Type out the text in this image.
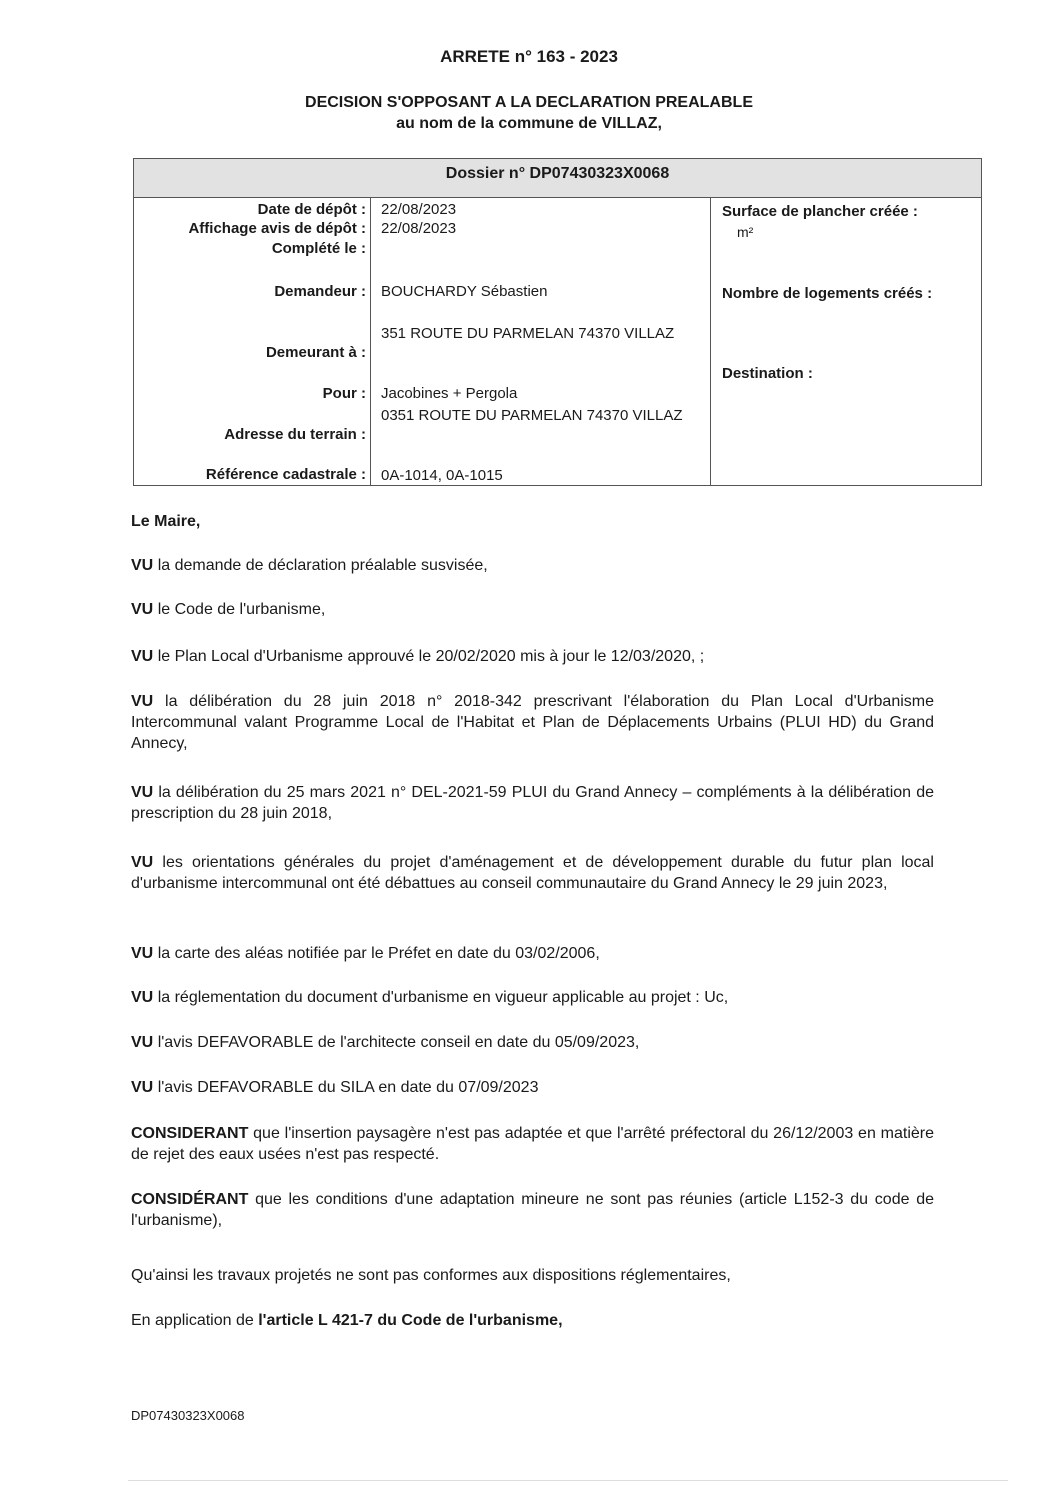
ARRETE n° 163 - 2023
DECISION S'OPPOSANT A LA DECLARATION PREALABLE
au nom de la commune de VILLAZ,
Dossier n° DP07430323X0068
Date de dépôt :
Affichage avis de dépôt :
Complété le :
Demandeur :
Demeurant à :
Pour :
Adresse du terrain :
Référence cadastrale :
22/08/2023
22/08/2023
BOUCHARDY Sébastien
351 ROUTE DU PARMELAN 74370 VILLAZ
Jacobines + Pergola
0351 ROUTE DU PARMELAN 74370 VILLAZ
0A-1014, 0A-1015
Surface de plancher créée :
m²
Nombre de logements créés :
Destination :
Le Maire,
VU la demande de déclaration préalable susvisée,
VU le Code de l'urbanisme,
VU le Plan Local d'Urbanisme approuvé le 20/02/2020 mis à jour le 12/03/2020, ;
VU la délibération du 28 juin 2018 n° 2018-342 prescrivant l'élaboration du Plan Local d'Urbanisme Intercommunal valant Programme Local de l'Habitat et Plan de Déplacements Urbains (PLUI HD) du Grand Annecy,
VU la délibération du 25 mars 2021 n° DEL-2021-59 PLUI du Grand Annecy – compléments à la délibération de prescription du 28 juin 2018,
VU les orientations générales du projet d'aménagement et de développement durable du futur plan local d'urbanisme intercommunal ont été débattues au conseil communautaire du Grand Annecy le 29 juin 2023,
VU la carte des aléas notifiée par le Préfet en date du 03/02/2006,
VU la réglementation du document d'urbanisme en vigueur applicable au projet : Uc,
VU l'avis DEFAVORABLE de l'architecte conseil en date du 05/09/2023,
VU l'avis DEFAVORABLE du SILA en date du 07/09/2023
CONSIDERANT que l'insertion paysagère n'est pas adaptée et que l'arrêté préfectoral du 26/12/2003 en matière de rejet des eaux usées n'est pas respecté.
CONSIDÉRANT que les conditions d'une adaptation mineure ne sont pas réunies (article L152-3 du code de l'urbanisme),
Qu'ainsi les travaux projetés ne sont pas conformes aux dispositions réglementaires,
En application de l'article L 421-7 du Code de l'urbanisme,
DP07430323X0068
